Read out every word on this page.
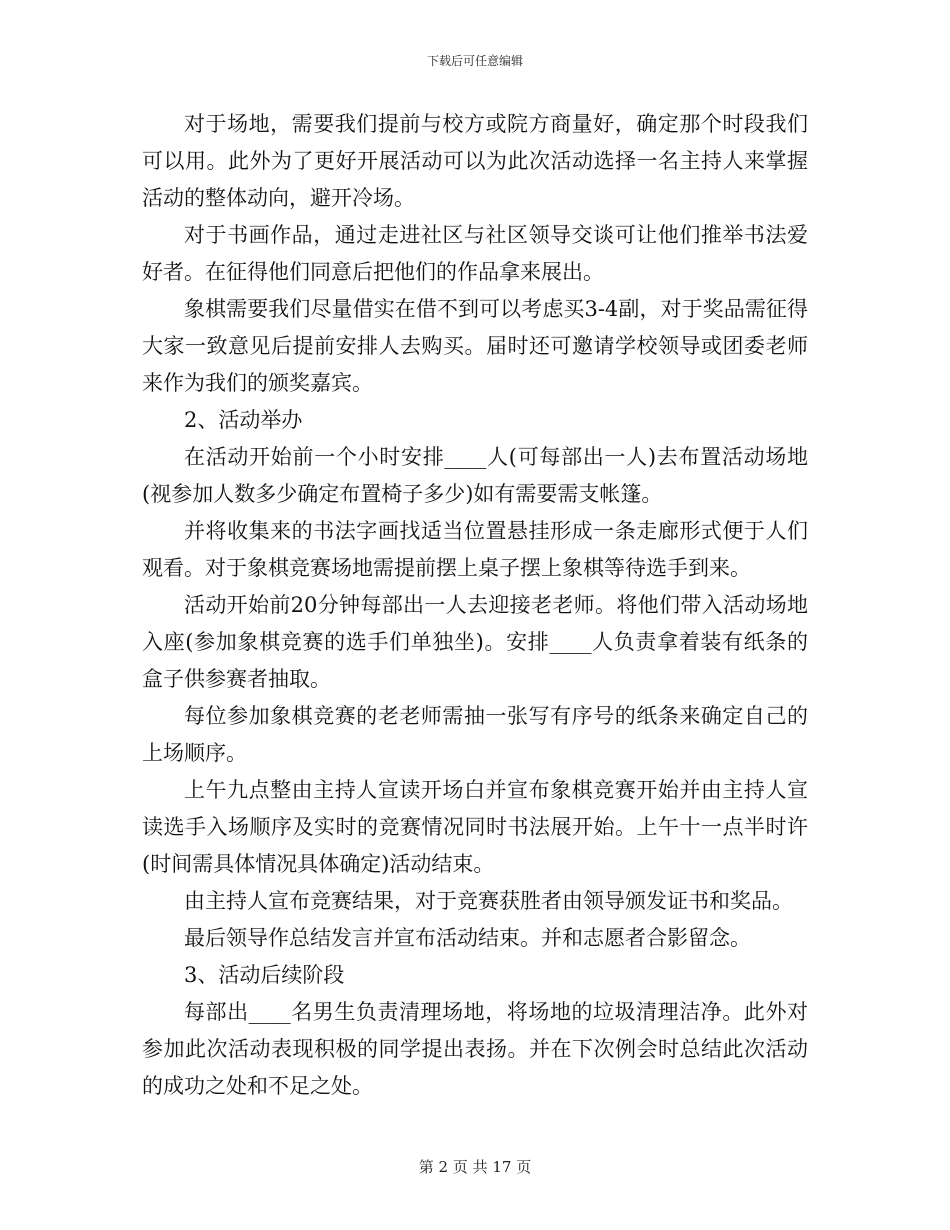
下载后可任意编辑

对于场地，需要我们提前与校方或院方商量好，确定那个时段我们可以用。此外为了更好开展活动可以为此次活动选择一名主持人来掌握活动的整体动向，避开冷场。

对于书画作品，通过走进社区与社区领导交谈可让他们推举书法爱好者。在征得他们同意后把他们的作品拿来展出。

象棋需要我们尽量借实在借不到可以考虑买3-4副，对于奖品需征得大家一致意见后提前安排人去购买。届时还可邀请学校领导或团委老师来作为我们的颁奖嘉宾。

2、活动举办

在活动开始前一个小时安排____人(可每部出一人)去布置活动场地(视参加人数多少确定布置椅子多少)如有需要需支帐篷。

并将收集来的书法字画找适当位置悬挂形成一条走廊形式便于人们观看。对于象棋竞赛场地需提前摆上桌子摆上象棋等待选手到来。

活动开始前20分钟每部出一人去迎接老老师。将他们带入活动场地入座(参加象棋竞赛的选手们单独坐)。安排____人负责拿着装有纸条的盒子供参赛者抽取。

每位参加象棋竞赛的老老师需抽一张写有序号的纸条来确定自己的上场顺序。

上午九点整由主持人宣读开场白并宣布象棋竞赛开始并由主持人宣读选手入场顺序及实时的竞赛情况同时书法展开始。上午十一点半时许(时间需具体情况具体确定)活动结束。

由主持人宣布竞赛结果，对于竞赛获胜者由领导颁发证书和奖品。

最后领导作总结发言并宣布活动结束。并和志愿者合影留念。

3、活动后续阶段

每部出____名男生负责清理场地，将场地的垃圾清理洁净。此外对参加此次活动表现积极的同学提出表扬。并在下次例会时总结此次活动的成功之处和不足之处。

第 2 页 共 17 页
